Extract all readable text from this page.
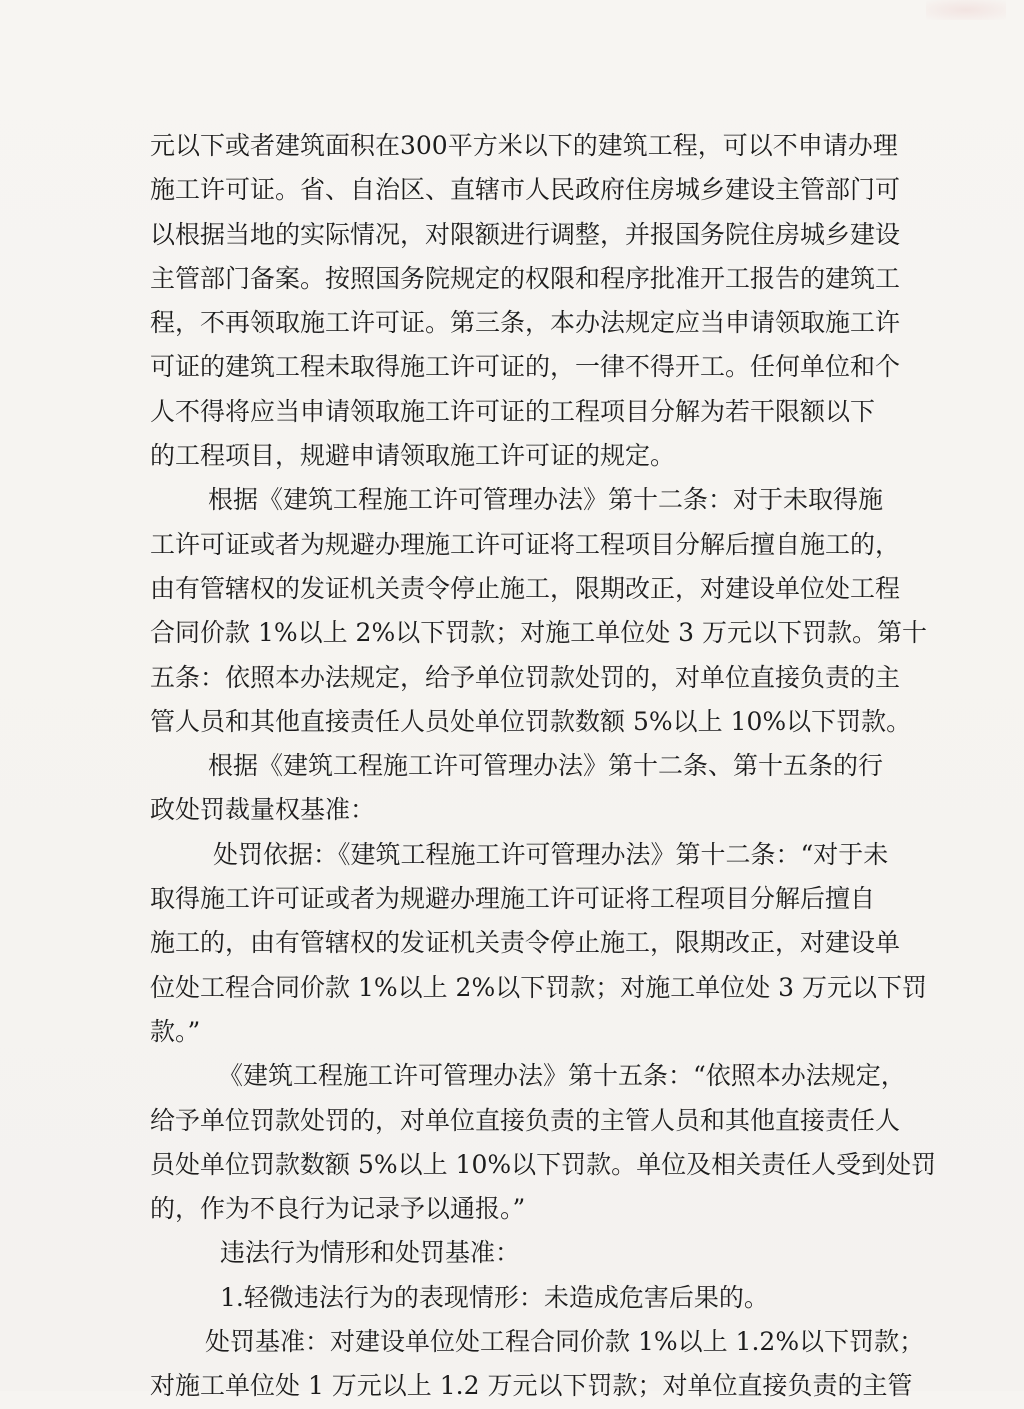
元以下或者建筑面积在300平方米以下的建筑工程，可以不申请办理
施工许可证。省、自治区、直辖市人民政府住房城乡建设主管部门可
以根据当地的实际情况，对限额进行调整，并报国务院住房城乡建设
主管部门备案。按照国务院规定的权限和程序批准开工报告的建筑工
程，不再领取施工许可证。第三条，本办法规定应当申请领取施工许
可证的建筑工程未取得施工许可证的，一律不得开工。任何单位和个
人不得将应当申请领取施工许可证的工程项目分解为若干限额以下
的工程项目，规避申请领取施工许可证的规定。
根据《建筑工程施工许可管理办法》第十二条：对于未取得施
工许可证或者为规避办理施工许可证将工程项目分解后擅自施工的，
由有管辖权的发证机关责令停止施工，限期改正，对建设单位处工程
合同价款 1%以上 2%以下罚款；对施工单位处 3 万元以下罚款。第十
五条：依照本办法规定，给予单位罚款处罚的，对单位直接负责的主
管人员和其他直接责任人员处单位罚款数额 5%以上 10%以下罚款。
根据《建筑工程施工许可管理办法》第十二条、第十五条的行
政处罚裁量权基准：
处罚依据：《建筑工程施工许可管理办法》第十二条：“对于未
取得施工许可证或者为规避办理施工许可证将工程项目分解后擅自
施工的，由有管辖权的发证机关责令停止施工，限期改正，对建设单
位处工程合同价款 1%以上 2%以下罚款；对施工单位处 3 万元以下罚
款。”
《建筑工程施工许可管理办法》第十五条：“依照本办法规定，
给予单位罚款处罚的，对单位直接负责的主管人员和其他直接责任人
员处单位罚款数额 5%以上 10%以下罚款。单位及相关责任人受到处罚
的，作为不良行为记录予以通报。”
违法行为情形和处罚基准：
1.轻微违法行为的表现情形：未造成危害后果的。
处罚基准：对建设单位处工程合同价款 1%以上 1.2%以下罚款；
对施工单位处 1 万元以上 1.2 万元以下罚款；对单位直接负责的主管
